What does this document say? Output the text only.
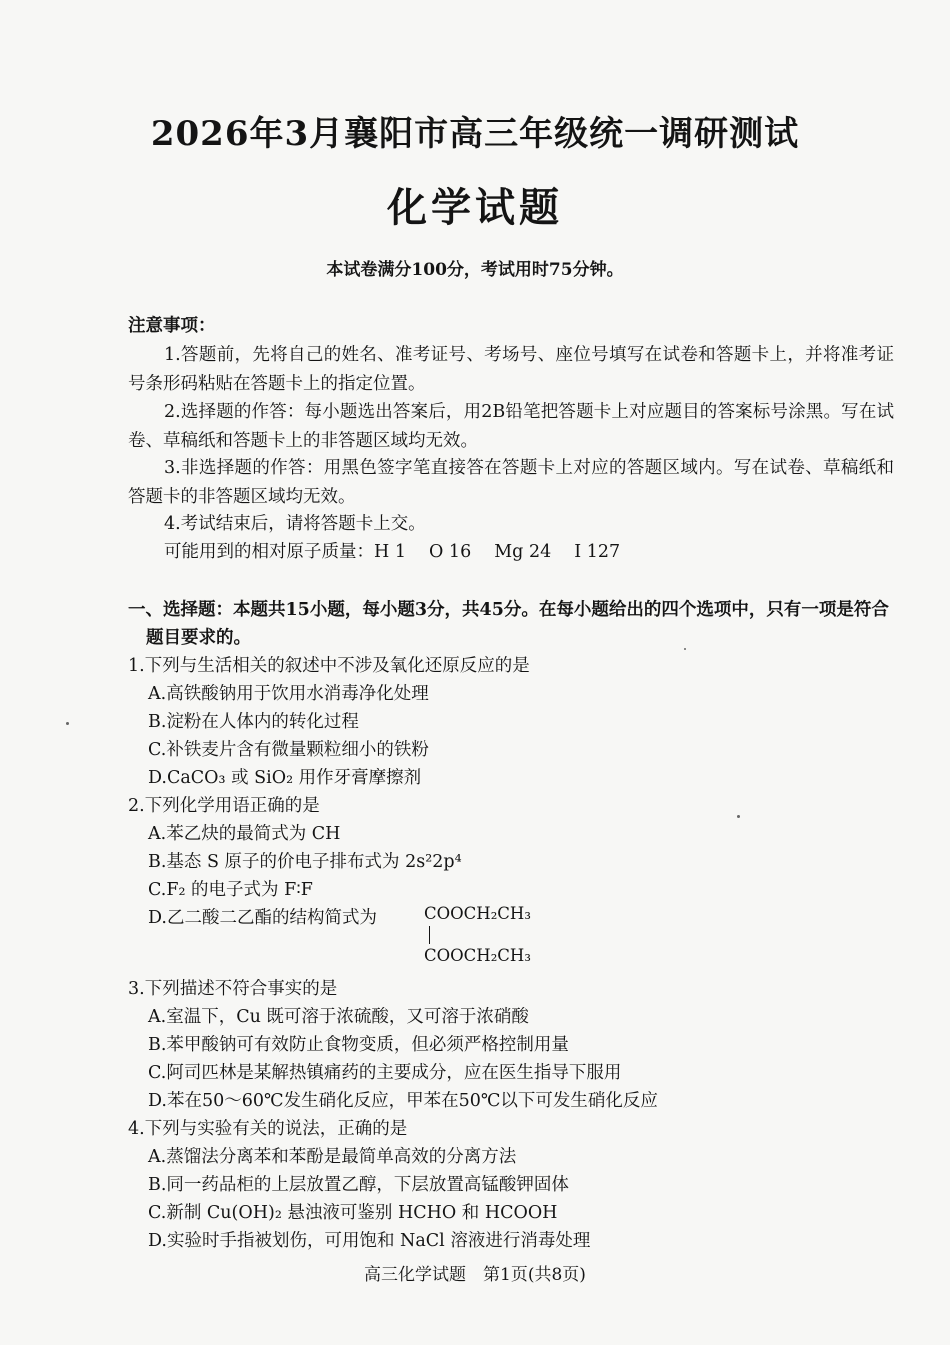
2026年3月襄阳市高三年级统一调研测试
化学试题
本试卷满分100分，考试用时75分钟。
注意事项：
1.答题前，先将自己的姓名、准考证号、考场号、座位号填写在试卷和答题卡上，并将准考证号条形码粘贴在答题卡上的指定位置。
2.选择题的作答：每小题选出答案后，用2B铅笔把答题卡上对应题目的答案标号涂黑。写在试卷、草稿纸和答题卡上的非答题区域均无效。
3.非选择题的作答：用黑色签字笔直接答在答题卡上对应的答题区域内。写在试卷、草稿纸和答题卡的非答题区域均无效。
4.考试结束后，请将答题卡上交。
可能用到的相对原子质量：H 1　 O 16　 Mg 24　 I 127
一、选择题：本题共15小题，每小题3分，共45分。在每小题给出的四个选项中，只有一项是符合题目要求的。
1.下列与生活相关的叙述中不涉及氧化还原反应的是
A.高铁酸钠用于饮用水消毒净化处理
B.淀粉在人体内的转化过程
C.补铁麦片含有微量颗粒细小的铁粉
D.CaCO₃ 或 SiO₂ 用作牙膏摩擦剂
2.下列化学用语正确的是
A.苯乙炔的最简式为 CH
B.基态 S 原子的价电子排布式为 2s²2p⁴
C.F₂ 的电子式为 F∶F
D.乙二酸二乙酯的结构简式为	COOCH₂CH₃
COOCH₂CH₃
3.下列描述不符合事实的是
A.室温下，Cu 既可溶于浓硫酸，又可溶于浓硝酸
B.苯甲酸钠可有效防止食物变质，但必须严格控制用量
C.阿司匹林是某解热镇痛药的主要成分，应在医生指导下服用
D.苯在50～60℃发生硝化反应，甲苯在50℃以下可发生硝化反应
4.下列与实验有关的说法，正确的是
A.蒸馏法分离苯和苯酚是最简单高效的分离方法
B.同一药品柜的上层放置乙醇，下层放置高锰酸钾固体
C.新制 Cu(OH)₂ 悬浊液可鉴别 HCHO 和 HCOOH
D.实验时手指被划伤，可用饱和 NaCl 溶液进行消毒处理
高三化学试题　第1页(共8页)
